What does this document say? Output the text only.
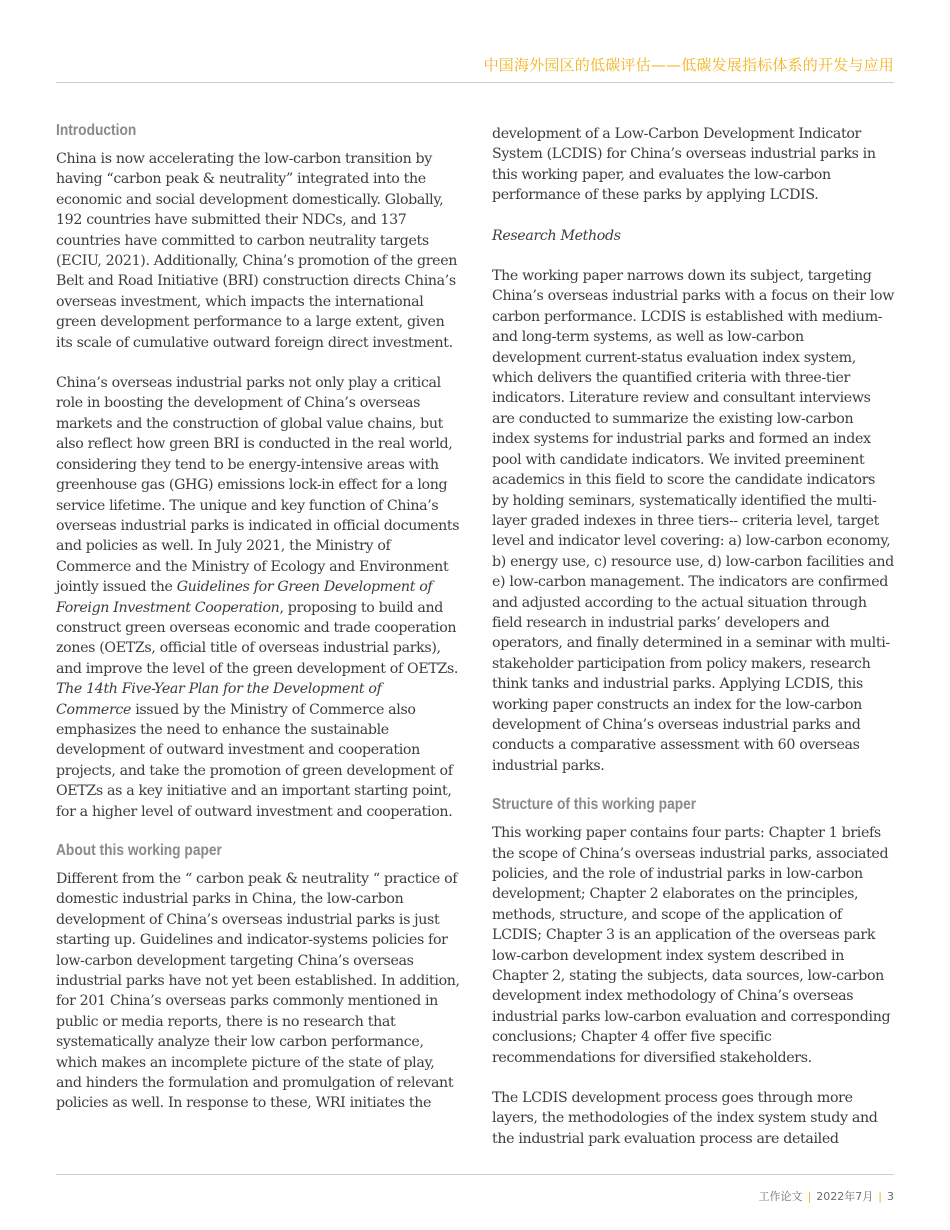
中国海外园区的低碳评估——低碳发展指标体系的开发与应用
Introduction

China is now accelerating the low-carbon transition by having “carbon peak & neutrality” integrated into the economic and social development domestically. Globally, 192 countries have submitted their NDCs, and 137 countries have committed to carbon neutrality targets (ECIU, 2021). Additionally, China’s promotion of the green Belt and Road Initiative (BRI) construction directs China’s overseas investment, which impacts the international green development performance to a large extent, given its scale of cumulative outward foreign direct investment.

China’s overseas industrial parks not only play a critical role in boosting the development of China’s overseas markets and the construction of global value chains, but also reflect how green BRI is conducted in the real world, considering they tend to be energy-intensive areas with greenhouse gas (GHG) emissions lock-in effect for a long service lifetime. The unique and key function of China’s overseas industrial parks is indicated in official documents and policies as well. In July 2021, the Ministry of Commerce and the Ministry of Ecology and Environment jointly issued the Guidelines for Green Development of Foreign Investment Cooperation, proposing to build and construct green overseas economic and trade cooperation zones (OETZs, official title of overseas industrial parks), and improve the level of the green development of OETZs. The 14th Five-Year Plan for the Development of Commerce issued by the Ministry of Commerce also emphasizes the need to enhance the sustainable development of outward investment and cooperation projects, and take the promotion of green development of OETZs as a key initiative and an important starting point, for a higher level of outward investment and cooperation.

About this working paper

Different from the “ carbon peak & neutrality “ practice of domestic industrial parks in China, the low-carbon development of China’s overseas industrial parks is just starting up. Guidelines and indicator-systems policies for low-carbon development targeting China’s overseas industrial parks have not yet been established. In addition, for 201 China’s overseas parks commonly mentioned in public or media reports, there is no research that systematically analyze their low carbon performance, which makes an incomplete picture of the state of play, and hinders the formulation and promulgation of relevant policies as well. In response to these, WRI initiates the

development of a Low-Carbon Development Indicator System (LCDIS) for China’s overseas industrial parks in this working paper, and evaluates the low-carbon performance of these parks by applying LCDIS.

Research Methods

The working paper narrows down its subject, targeting China’s overseas industrial parks with a focus on their low carbon performance. LCDIS is established with medium- and long-term systems, as well as low-carbon development current-status evaluation index system, which delivers the quantified criteria with three-tier indicators. Literature review and consultant interviews are conducted to summarize the existing low-carbon index systems for industrial parks and formed an index pool with candidate indicators. We invited preeminent academics in this field to score the candidate indicators by holding seminars, systematically identified the multi-layer graded indexes in three tiers-- criteria level, target level and indicator level covering: a) low-carbon economy, b) energy use, c) resource use, d) low-carbon facilities and e) low-carbon management. The indicators are confirmed and adjusted according to the actual situation through field research in industrial parks’ developers and operators, and finally determined in a seminar with multi- stakeholder participation from policy makers, research think tanks and industrial parks. Applying LCDIS, this working paper constructs an index for the low-carbon development of China’s overseas industrial parks and conducts a comparative assessment with 60 overseas industrial parks.

Structure of this working paper

This working paper contains four parts: Chapter 1 briefs the scope of China’s overseas industrial parks, associated policies, and the role of industrial parks in low-carbon development; Chapter 2 elaborates on the principles, methods, structure, and scope of the application of LCDIS; Chapter 3 is an application of the overseas park low-carbon development index system described in Chapter 2, stating the subjects, data sources, low-carbon development index methodology of China’s overseas industrial parks low-carbon evaluation and corresponding conclusions; Chapter 4 offer five specific recommendations for diversified stakeholders.

The LCDIS development process goes through more layers, the methodologies of the index system study and the industrial park evaluation process are detailed

工作论文 | 2022年7月 | 3
